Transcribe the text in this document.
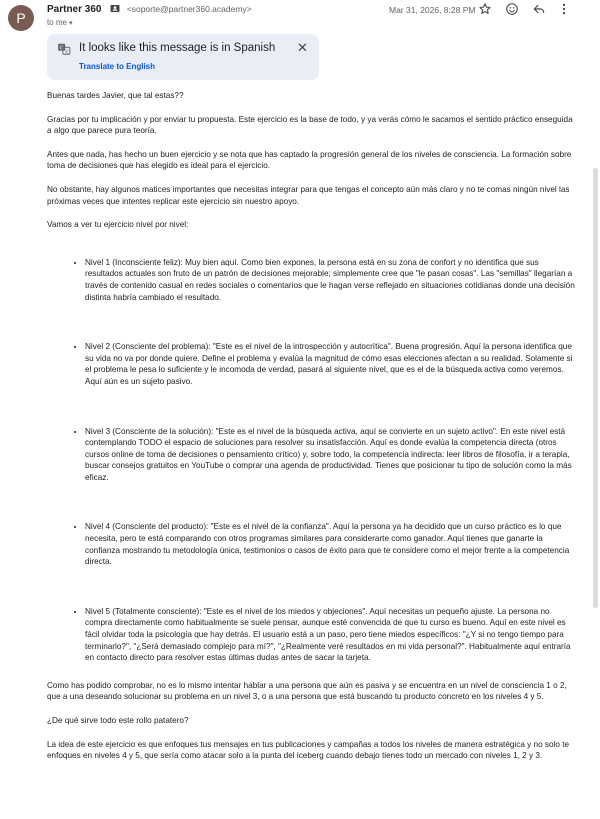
P
Partner 360	<soporte@partner360.academy>
to me ▾
Mar 31, 2026, 8:28 PM
G
文 It looks like this message is in Spanish ✕
Translate to English

Buenas tardes Javier, que tal estas??

Gracias por tu implicación y por enviar tu propuesta. Este ejercicio es la base de todo, y ya verás cómo le sacamos el sentido práctico enseguida a algo que parece pura teoría.

Antes que nada, has hecho un buen ejercicio y se nota que has captado la progresión general de los niveles de consciencia. La formación sobre toma de decisiones que has elegido es ideal para el ejercicio.

No obstante, hay algunos matices importantes que necesitas integrar para que tengas el concepto aún más claro y no te comas ningún nivel las próximas veces que intentes replicar este ejercicio sin nuestro apoyo.

Vamos a ver tu ejercicio nivel por nivel:

• Nivel 1 (Inconsciente feliz): Muy bien aquí. Como bien expones, la persona está en su zona de confort y no identifica que sus resultados actuales son fruto de un patrón de decisiones mejorable; simplemente cree que "le pasan cosas". Las "semillas" llegarían a través de contenido casual en redes sociales o comentarios que le hagan verse reflejado en situaciones cotidianas donde una decisión distinta habría cambiado el resultado.
• Nivel 2 (Consciente del problema): "Este es el nivel de la introspección y autocrítica". Buena progresión. Aquí la persona identifica que su vida no va por donde quiere. Define el problema y evalúa la magnitud de cómo esas elecciones afectan a su realidad. Solamente si el problema le pesa lo suficiente y le incomoda de verdad, pasará al siguiente nivel, que es el de la búsqueda activa como veremos. Aquí aún es un sujeto pasivo.
• Nivel 3 (Consciente de la solución): "Este es el nivel de la búsqueda activa, aquí se convierte en un sujeto activo". En este nivel está contemplando TODO el espacio de soluciones para resolver su insatisfacción. Aquí es donde evalúa la competencia directa (otros cursos online de toma de decisiones o pensamiento crítico) y, sobre todo, la competencia indirecta: leer libros de filosofía, ir a terapia, buscar consejos gratuitos en YouTube o comprar una agenda de productividad. Tienes que posicionar tu tipo de solución como la más eficaz.
• Nivel 4 (Consciente del producto): "Este es el nivel de la confianza". Aquí la persona ya ha decidido que un curso práctico es lo que necesita, pero te está comparando con otros programas similares para considerarte como ganador. Aquí tienes que ganarte la confianza mostrando tu metodología única, testimonios o casos de éxito para que te considere como el mejor frente a la competencia directa.
• Nivel 5 (Totalmente consciente): "Este es el nivel de los miedos y objeciones". Aquí necesitas un pequeño ajuste. La persona no compra directamente como habitualmente se suele pensar, aunque esté convencida de que tu curso es bueno. Aquí en este nivel es fácil olvidar toda la psicología que hay detrás. El usuario está a un paso, pero tiene miedos específicos: "¿Y si no tengo tiempo para terminarlo?", "¿Será demasiado complejo para mí?", "¿Realmente veré resultados en mi vida personal?". Habitualmente aquí entraría en contacto directo para resolver estas últimas dudas antes de sacar la tarjeta.

Como has podido comprobar, no es lo mismo intentar hablar a una persona que aún es pasiva y se encuentra en un nivel de consciencia 1 o 2, que a una deseando solucionar su problema en un nivel 3, o a una persona que está buscando tu producto concreto en los niveles 4 y 5.

¿De qué sirve todo este rollo patatero?

La idea de este ejercicio es que enfoques tus mensajes en tus publicaciones y campañas a todos los niveles de manera estratégica y no solo te enfoques en niveles 4 y 5, que sería como atacar solo a la punta del iceberg cuando debajo tienes todo un mercado con niveles 1, 2 y 3.
